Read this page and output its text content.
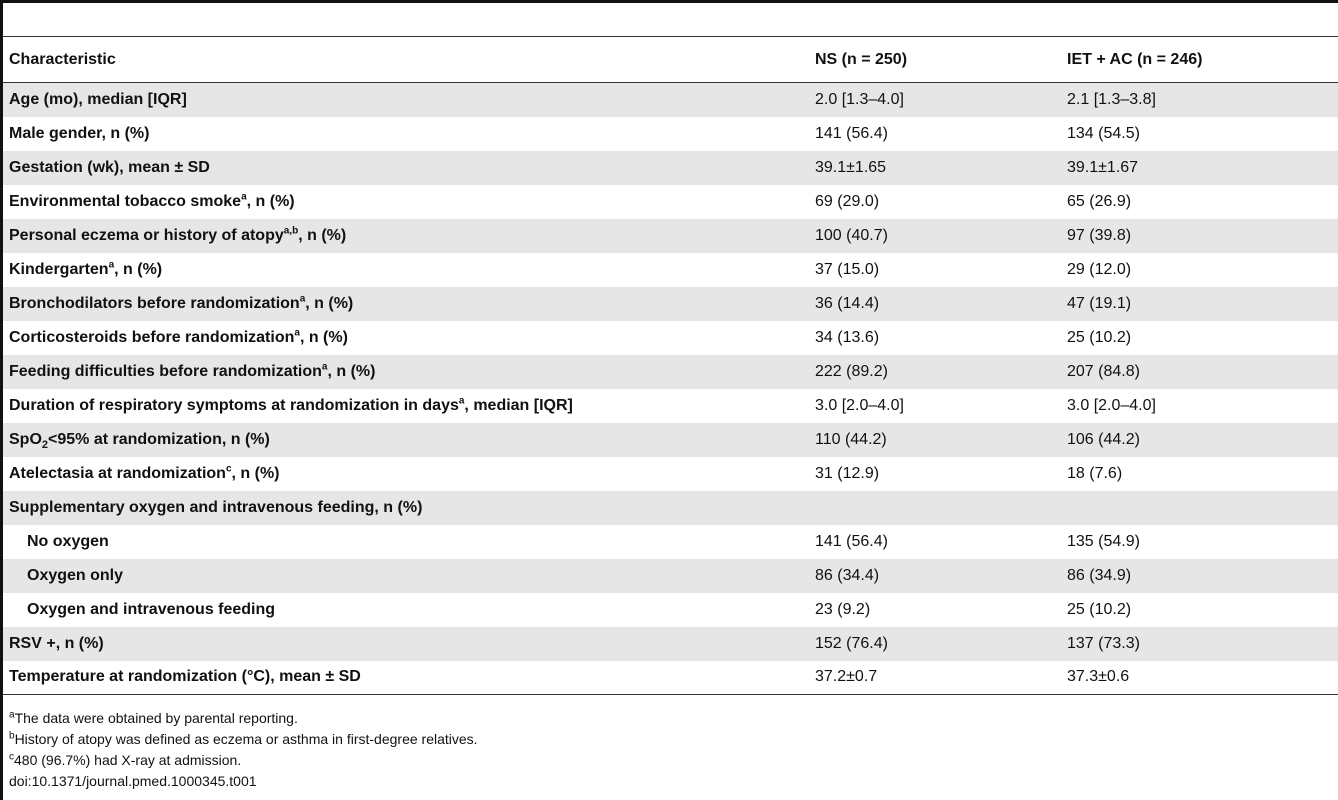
Characteristic	NS (n = 250)	IET + AC (n = 246)
Age (mo), median [IQR]	2.0 [1.3–4.0]	2.1 [1.3–3.8]
Male gender, n (%)	141 (56.4)	134 (54.5)
Gestation (wk), mean ± SD	39.1±1.65	39.1±1.67
Environmental tobacco smoke$^a$, n (%)	69 (29.0)	65 (26.9)
Personal eczema or history of atopy$^{a,b}$, n (%)	100 (40.7)	97 (39.8)
Kindergarten$^a$, n (%)	37 (15.0)	29 (12.0)
Bronchodilators before randomization$^a$, n (%)	36 (14.4)	47 (19.1)
Corticosteroids before randomization$^a$, n (%)	34 (13.6)	25 (10.2)
Feeding difficulties before randomization$^a$, n (%)	222 (89.2)	207 (84.8)
Duration of respiratory symptoms at randomization in days$^a$, median [IQR]	3.0 [2.0–4.0]	3.0 [2.0–4.0]
SpO$_2$<95% at randomization, n (%)	110 (44.2)	106 (44.2)
Atelectasia at randomization$^c$, n (%)	31 (12.9)	18 (7.6)
Supplementary oxygen and intravenous feeding, n (%)		
No oxygen	141 (56.4)	135 (54.9)
Oxygen only	86 (34.4)	86 (34.9)
Oxygen and intravenous feeding	23 (9.2)	25 (10.2)
RSV +, n (%)	152 (76.4)	137 (73.3)
Temperature at randomization (°C), mean ± SD	37.2±0.7	37.3±0.6
$^a$The data were obtained by parental reporting.
$^b$History of atopy was defined as eczema or asthma in first-degree relatives.
$^c$480 (96.7%) had X-ray at admission.
doi:10.1371/journal.pmed.1000345.t001
